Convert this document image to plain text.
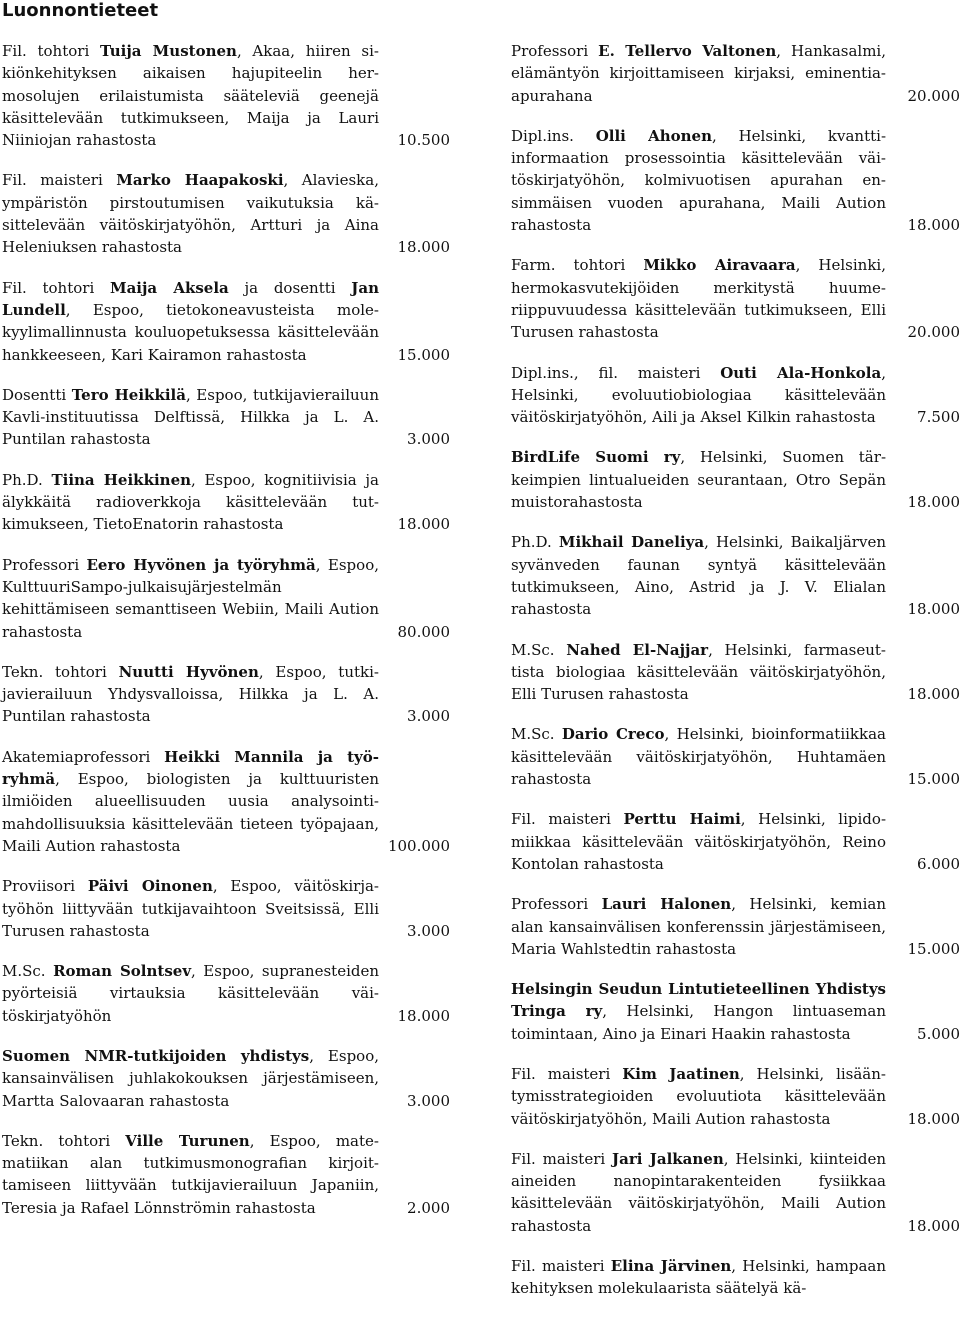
Luonnontieteet

Fil. tohtori Tuija Mustonen, Akaa, hiiren sikiönkehityksen aikaisen hajupiteelin hermosolujen erilaistumista sääteleviä geenejä käsittelevään tutkimukseen, Maija ja Lauri Niiniojan rahastosta	10.500

Fil. maisteri Marko Haapakoski, Alavieska, ympäristön pirstoutumisen vaikutuksia käsittelevään väitöskirjatyöhön, Artturi ja Aina Heleniuksen rahastosta	18.000

Fil. tohtori Maija Aksela ja dosentti Jan Lundell, Espoo, tietokoneavusteista molekyylimallinnusta kouluopetuksessa käsittelevään hankkeeseen, Kari Kairamon rahastosta	15.000

Dosentti Tero Heikkilä, Espoo, tutkijavierailuun Kavli-instituutissa Delftissä, Hilkka ja L. A. Puntilan rahastosta	3.000

Ph.D. Tiina Heikkinen, Espoo, kognitiivisia ja älykkäitä radioverkkoja käsittelevään tutkimukseen, TietoEnatorin rahastosta	18.000

Professori Eero Hyvönen ja työryhmä, Espoo, KulttuuriSampo-julkaisujärjestelmän kehittämiseen semanttiseen Webiin, Maili Aution rahastosta	80.000

Tekn. tohtori Nuutti Hyvönen, Espoo, tutkijavierailuun Yhdysvalloissa, Hilkka ja L. A. Puntilan rahastosta	3.000

Akatemiaprofessori Heikki Mannila ja työryhmä, Espoo, biologisten ja kulttuuristen ilmiöiden alueellisuuden uusia analysointimahdollisuuksia käsittelevään tieteen työpajaan, Maili Aution rahastosta	100.000

Proviisori Päivi Oinonen, Espoo, väitöskirjatyöhön liittyvään tutkijavaihtoon Sveitsissä, Elli Turusen rahastosta	3.000

M.Sc. Roman Solntsev, Espoo, supranesteiden pyörteisiä virtauksia käsittelevään väitöskirjatyöhön	18.000

Suomen NMR-tutkijoiden yhdistys, Espoo, kansainvälisen juhlakokouksen järjestämiseen, Martta Salovaaran rahastosta	3.000

Tekn. tohtori Ville Turunen, Espoo, matematiikan alan tutkimusmonografian kirjoittamiseen liittyvään tutkijavierailuun Japaniin, Teresia ja Rafael Lönnströmin rahastosta	2.000

Professori E. Tellervo Valtonen, Hankasalmi, elämäntyön kirjoittamiseen kirjaksi, eminentia-apurahana	20.000

Dipl.ins. Olli Ahonen, Helsinki, kvanttiinformaation prosessointia käsittelevään väitöskirjatyöhön, kolmivuotisen apurahan ensimmäisen vuoden apurahana, Maili Aution rahastosta	18.000

Farm. tohtori Mikko Airavaara, Helsinki, hermokasvutekijöiden merkitystä huumeriippuvuudessa käsittelevään tutkimukseen, Elli Turusen rahastosta	20.000

Dipl.ins., fil. maisteri Outi Ala-Honkola, Helsinki, evoluutiobiologiaa käsittelevään väitöskirjatyöhön, Aili ja Aksel Kilkin rahastosta	7.500

BirdLife Suomi ry, Helsinki, Suomen tärkeimpien lintualueiden seurantaan, Otro Sepän muistorahastosta	18.000

Ph.D. Mikhail Daneliya, Helsinki, Baikaljärven syvänveden faunan syntyä käsittelevään tutkimukseen, Aino, Astrid ja J. V. Elialan rahastosta	18.000

M.Sc. Nahed El-Najjar, Helsinki, farmaseuttista biologiaa käsittelevään väitöskirjatyöhön, Elli Turusen rahastosta	18.000

M.Sc. Dario Creco, Helsinki, bioinformatiikkaa käsittelevään väitöskirjatyöhön, Huhtamäen rahastosta	15.000

Fil. maisteri Perttu Haimi, Helsinki, lipidomiikkaa käsittelevään väitöskirjatyöhön, Reino Kontolan rahastosta	6.000

Professori Lauri Halonen, Helsinki, kemian alan kansainvälisen konferenssin järjestämiseen, Maria Wahlstedtin rahastosta	15.000

Helsingin Seudun Lintutieteellinen Yhdistys Tringa ry, Helsinki, Hangon lintuaseman toimintaan, Aino ja Einari Haakin rahastosta	5.000

Fil. maisteri Kim Jaatinen, Helsinki, lisääntymisstrategioiden evoluutiota käsittelevään väitöskirjatyöhön, Maili Aution rahastosta	18.000

Fil. maisteri Jari Jalkanen, Helsinki, kiinteiden aineiden nanopintarakenteiden fysiikkaa käsittelevään väitöskirjatyöhön, Maili Aution rahastosta	18.000

Fil. maisteri Elina Järvinen, Helsinki, hampaan kehityksen molekulaarista säätelyä kä-
